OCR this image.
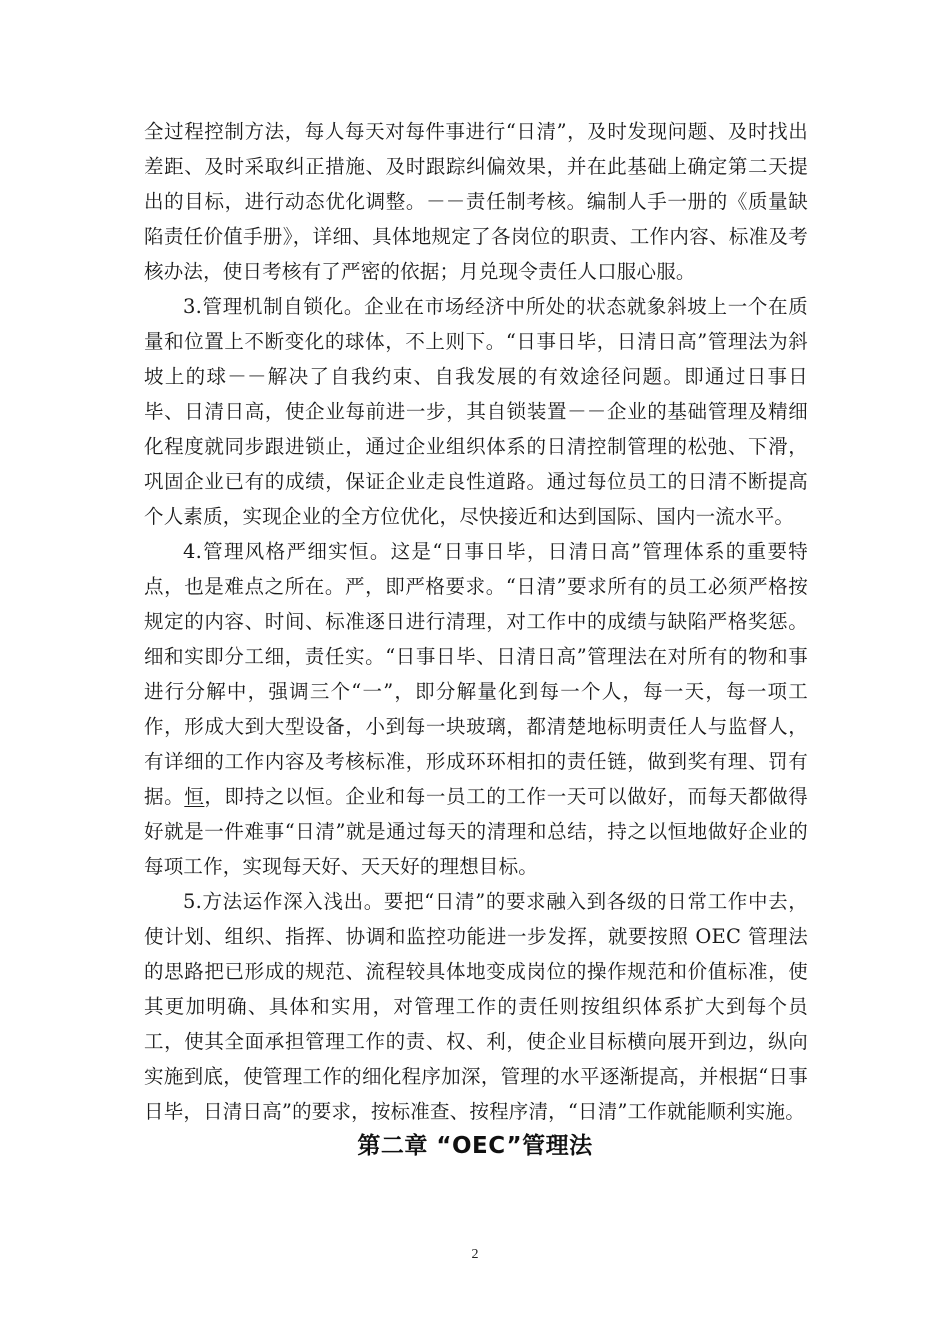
全过程控制方法，每人每天对每件事进行“日清”，及时发现问题、及时找出差距、及时采取纠正措施、及时跟踪纠偏效果，并在此基础上确定第二天提出的目标，进行动态优化调整。－－责任制考核。编制人手一册的《质量缺陷责任价值手册》，详细、具体地规定了各岗位的职责、工作内容、标准及考核办法，使日考核有了严密的依据；月兑现令责任人口服心服。

3.管理机制自锁化。企业在市场经济中所处的状态就象斜坡上一个在质量和位置上不断变化的球体，不上则下。“日事日毕，日清日高”管理法为斜坡上的球－－解决了自我约束、自我发展的有效途径问题。即通过日事日毕、日清日高，使企业每前进一步，其自锁装置－－企业的基础管理及精细化程度就同步跟进锁止，通过企业组织体系的日清控制管理的松弛、下滑，巩固企业已有的成绩，保证企业走良性道路。通过每位员工的日清不断提高个人素质，实现企业的全方位优化，尽快接近和达到国际、国内一流水平。

4.管理风格严细实恒。这是“日事日毕，日清日高”管理体系的重要特点，也是难点之所在。严，即严格要求。“日清”要求所有的员工必须严格按规定的内容、时间、标准逐日进行清理，对工作中的成绩与缺陷严格奖惩。细和实即分工细，责任实。“日事日毕、日清日高”管理法在对所有的物和事进行分解中，强调三个“一”，即分解量化到每一个人，每一天，每一项工作，形成大到大型设备，小到每一块玻璃，都清楚地标明责任人与监督人，有详细的工作内容及考核标准，形成环环相扣的责任链，做到奖有理、罚有据。恒，即持之以恒。企业和每一员工的工作一天可以做好，而每天都做得好就是一件难事“日清”就是通过每天的清理和总结，持之以恒地做好企业的每项工作，实现每天好、天天好的理想目标。

5.方法运作深入浅出。要把“日清”的要求融入到各级的日常工作中去，使计划、组织、指挥、协调和监控功能进一步发挥，就要按照 OEC 管理法的思路把已形成的规范、流程较具体地变成岗位的操作规范和价值标准，使其更加明确、具体和实用，对管理工作的责任则按组织体系扩大到每个员工，使其全面承担管理工作的责、权、利，使企业目标横向展开到边，纵向实施到底，使管理工作的细化程序加深，管理的水平逐渐提高，并根据“日事日毕，日清日高”的要求，按标准查、按程序清，“日清”工作就能顺利实施。

第二章 “OEC”管理法
2
